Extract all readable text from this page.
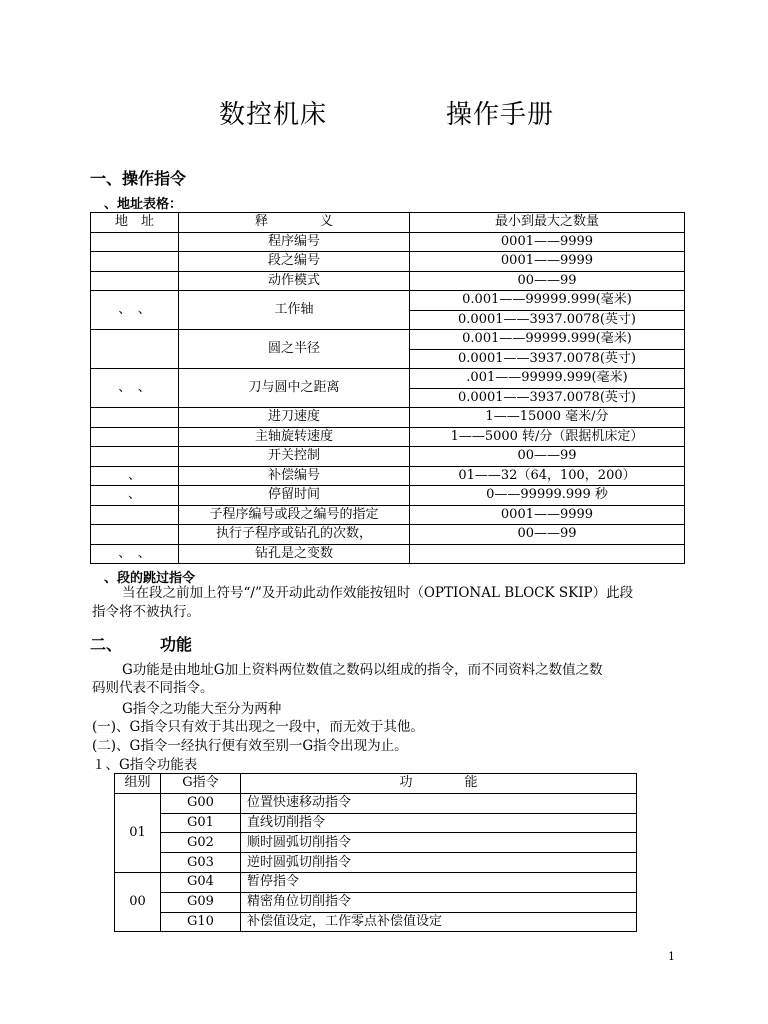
数控机床	操作手册
一、操作指令
、地址表格：
地　址	释　　　　义	最小到最大之数量
	程序编号	0001——9999
	段之编号	0001——9999
	动作模式	00——99
、　、	工作轴	0.001——99999.999(毫米)
		0.0001——3937.0078(英寸)
	圆之半径	0.001——99999.999(毫米)
		0.0001——3937.0078(英寸)
、　、	刀与圆中之距离	.001——99999.999(毫米)
		0.0001——3937.0078(英寸)
	进刀速度	1——15000 毫米/分
	主轴旋转速度	1——5000 转/分（跟据机床定）
	开关控制	00——99
、	补偿编号	01——32（64，100，200）
、	停留时间	0——99999.999 秒
	子程序编号或段之编号的指定	0001——9999
	执行子程序或钻孔的次数，	00——99
、　、	钻孔是之变数	
、段的跳过指令
当在段之前加上符号“/”及开动此动作效能按钮时（OPTIONAL BLOCK SKIP）此段
指令将不被执行。
二、 功能
G功能是由地址G加上资料两位数值之数码以组成的指令，而不同资料之数值之数
码则代表不同指令。
G指令之功能大至分为两种
(一)、G指令只有效于其出现之一段中，而无效于其他。
(二)、G指令一经执行便有效至别一G指令出现为止。
１、G指令功能表
组别	G指令	功　　　　能
01	G00	位置快速移动指令
	G01	直线切削指令
	G02	顺时圆弧切削指令
	G03	逆时圆弧切削指令
00	G04	暂停指令
	G09	精密角位切削指令
	G10	补偿值设定，工作零点补偿值设定
1
